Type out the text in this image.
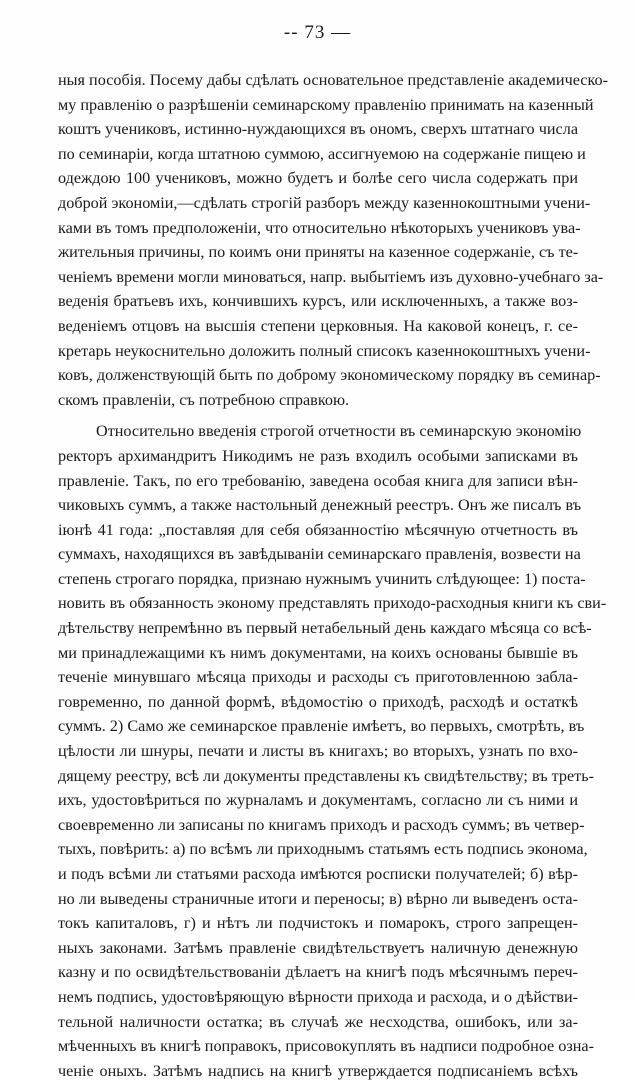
-- 73 —
ныя пособія. Посему дабы сдѣлать основательное представленіе академическо-
му правленію о разрѣшеніи семинарскому правленію принимать на казенный
коштъ учениковъ, истинно-нуждающихся въ ономъ, сверхъ штатнаго числа
по семинаріи, когда штатною суммою, ассигнуемою на содержаніе пищею и
одеждою 100 учениковъ, можно будетъ и болѣе сего числа содержать при
доброй экономіи,—сдѣлать строгій разборъ между казеннокоштными учени-
ками въ томъ предположеніи, что относительно нѣкоторыхъ учениковъ ува-
жительныя причины, по коимъ они приняты на казенное содержаніе, съ те-
ченіемъ времени могли миноваться, напр. выбытіемъ изъ духовно-учебнаго за-
веденія братьевъ ихъ, кончившихъ курсъ, или исключенныхъ, а также воз-
веденіемъ отцовъ на высшія степени церковныя. На каковой конецъ, г. се-
кретарь неукоснительно доложить полный списокъ казеннокоштныхъ учени-
ковъ, долженствующій быть по доброму экономическому порядку въ семинар-
скомъ правленіи, съ потребною справкою.
Относительно введенія строгой отчетности въ семинарскую экономію
ректоръ архимандритъ Никодимъ не разъ входилъ особыми записками въ
правленіе. Такъ, по его требованію, заведена особая книга для записи вѣн-
чиковыхъ суммъ, а также настольный денежный реестръ. Онъ же писалъ въ
іюнѣ 41 года: „поставляя для себя обязанностію мѣсячную отчетность въ
суммахъ, находящихся въ завѣдываніи семинарскаго правленія, возвести на
степень строгаго порядка, признаю нужнымъ учинить слѣдующее: 1) поста-
новить въ обязанность эконому представлять приходо-расходныя книги къ сви-
дѣтельству непремѣнно въ первый нетабельный день каждаго мѣсяца со всѣ-
ми принадлежащими къ нимъ документами, на коихъ основаны бывшіе въ
теченіе минувшаго мѣсяца приходы и расходы съ приготовленною забла-
говременно, по данной формѣ, вѣдомостію о приходѣ, расходѣ и остаткѣ
суммъ. 2) Само же семинарское правленіе имѣетъ, во первыхъ, смотрѣть, въ
цѣлости ли шнуры, печати и листы въ книгахъ; во вторыхъ, узнать по вхо-
дящему реестру, всѣ ли документы представлены къ свидѣтельству; въ треть-
ихъ, удостовѣриться по журналамъ и документамъ, согласно ли съ ними и
своевременно ли записаны по книгамъ приходъ и расходъ суммъ; въ четвер-
тыхъ, повѣрить: а) по всѣмъ ли приходнымъ статьямъ есть подпись эконома,
и подъ всѣми ли статьями расхода имѣются росписки получателей; б) вѣр-
но ли выведены страничные итоги и переносы; в) вѣрно ли выведенъ оста-
токъ капиталовъ, г) и нѣтъ ли подчистокъ и помарокъ, строго запрещен-
ныхъ законами. Затѣмъ правленіе свидѣтельствуетъ наличную денежную
казну и по освидѣтельствованіи дѣлаетъ на книгѣ подъ мѣсячнымъ переч-
немъ подпись, удостовѣряющую вѣрности прихода и расхода, и о дѣйстви-
тельной наличности остатка; въ случаѣ же несходства, ошибокъ, или за-
мѣченныхъ въ книгѣ поправокъ, присовокуплять въ надписи подробное озна-
ченіе оныхъ. Затѣмъ надпись на книгѣ утверждается подписаніемъ всѣхъ
